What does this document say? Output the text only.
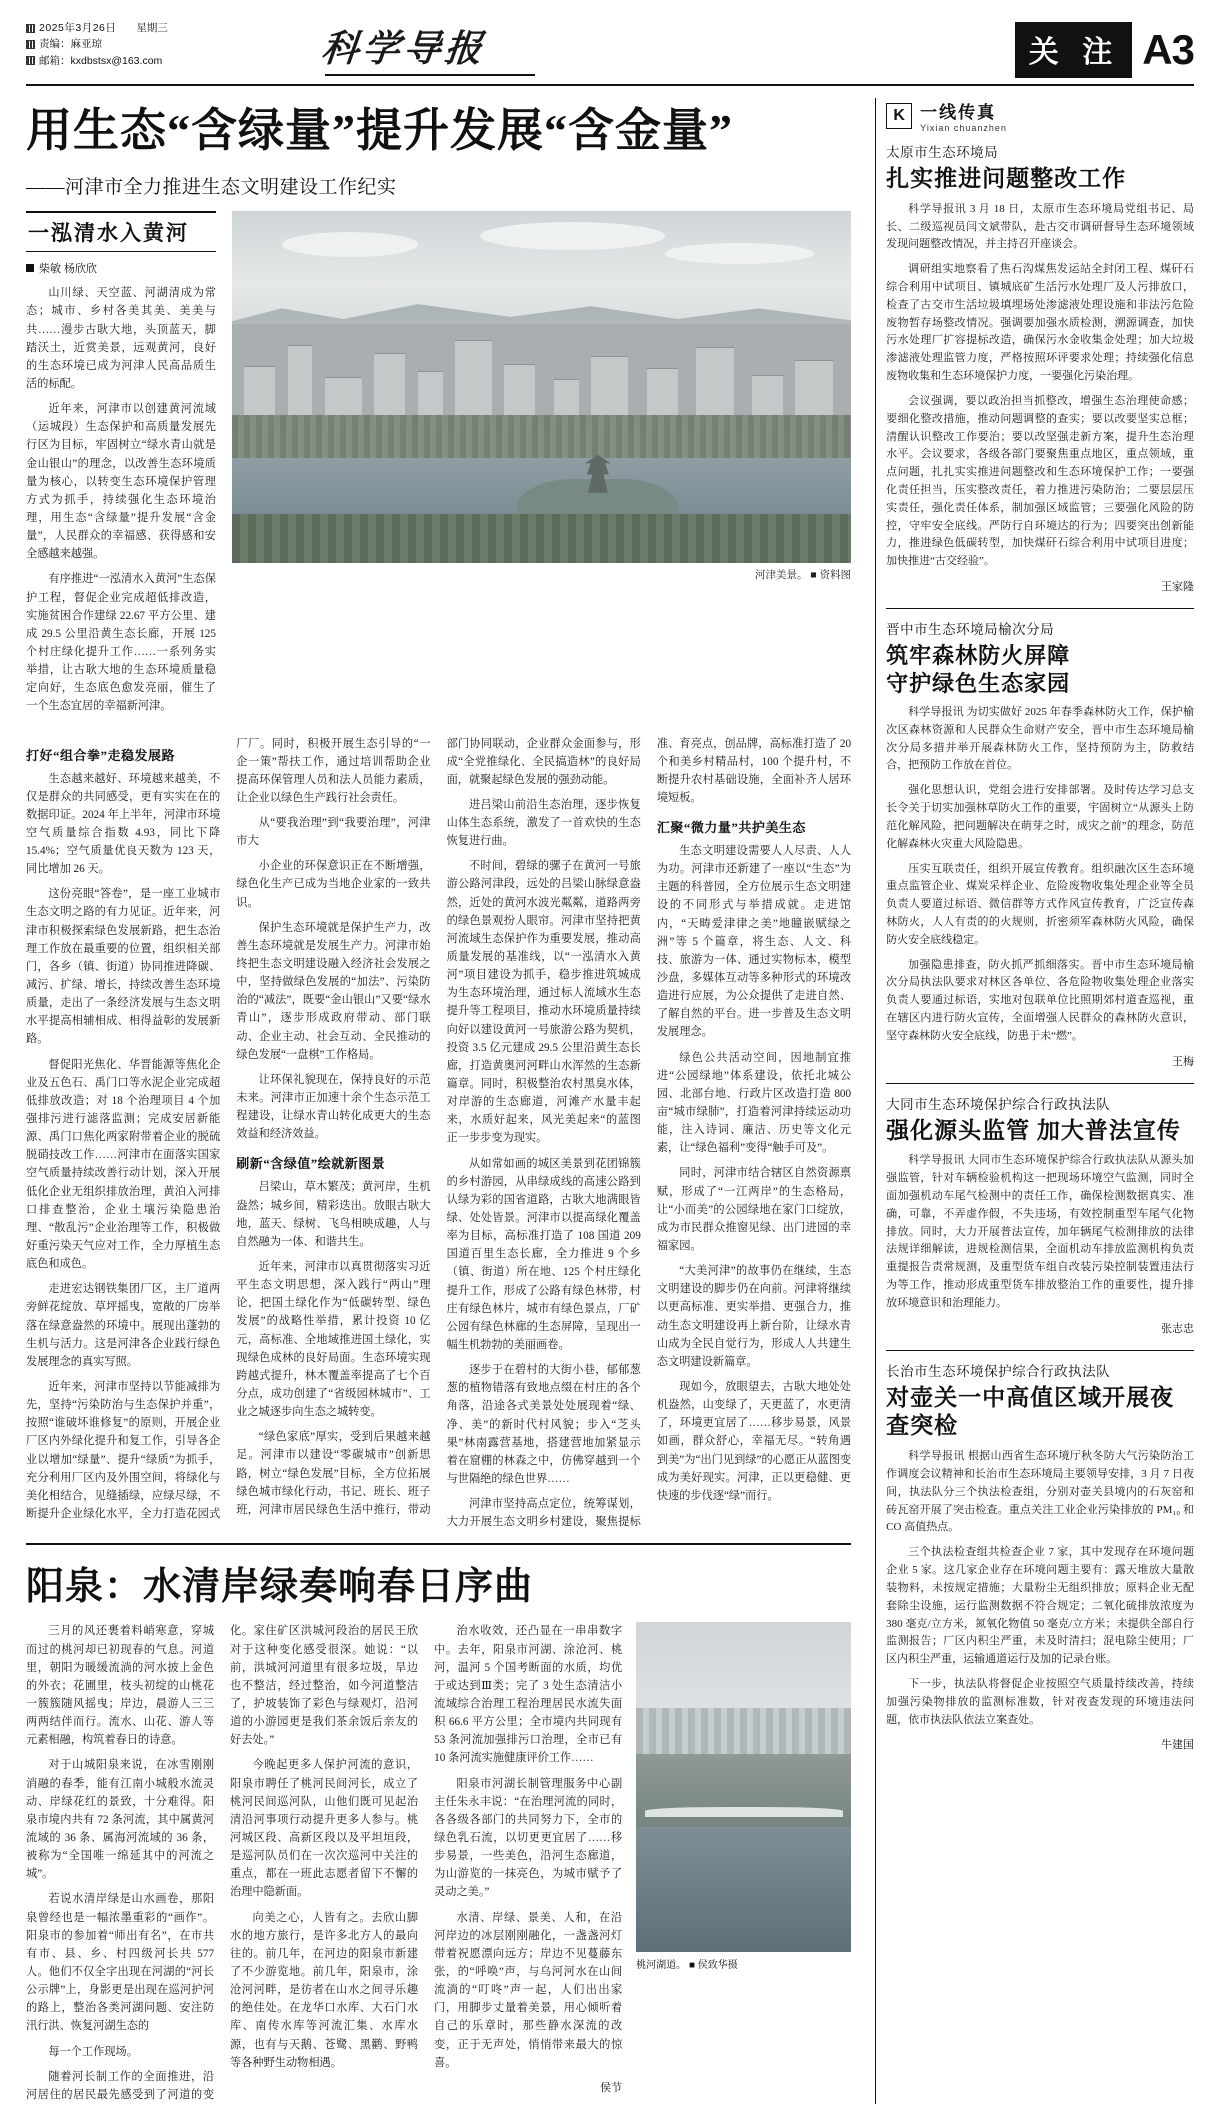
2025年3月26日 星期三
责编：麻亚琼
邮箱：kxdbstsx@163.com	科学导报	关 注 A3
用生态“含绿量”提升发展“含金量”
——河津市全力推进生态文明建设工作纪实
一泓清水入黄河
柴敏 杨欣欣

山川绿、天空蓝、河湖清成为常态；城市、乡村各美其美、美美与共……漫步古耿大地，头顶蓝天，脚踏沃土，近赏美景，远观黄河，良好的生态环境已成为河津人民高品质生活的标配。

近年来，河津市以创建黄河流域（运城段）生态保护和高质量发展先行区为目标，牢固树立“绿水青山就是金山银山”的理念，以改善生态环境质量为核心，以转变生态环境保护管理方式为抓手，持续强化生态环境治理，用生态“含绿量”提升发展“含金量”，人民群众的幸福感、获得感和安全感越来越强。

有序推进“一泓清水入黄河”生态保护工程，督促企业完成超低排改造，实施贫困合作建绿 22.67 平方公里、建成 29.5 公里沿黄生态长廊，开展 125 个村庄绿化提升工作……一系列务实举措，让古耿大地的生态环境质量稳定向好，生态底色愈发亮丽，催生了一个生态宜居的幸福新河津。

河津美景。 ■ 资料图
打好“组合拳”走稳发展路

生态越来越好、环境越来越美，不仅是群众的共同感受，更有实实在在的数据印证。2024 年上半年，河津市环境空气质量综合指数 4.93，同比下降 15.4%；空气质量优良天数为 123 天，同比增加 26 天。

这份亮眼“答卷”，是一座工业城市生态文明之路的有力见证。近年来，河津市积极探索绿色发展新路，把生态治理工作放在最重要的位置，组织相关部门，各乡（镇、街道）协同推进降碳、减污、扩绿、增长，持续改善生态环境质量，走出了一条经济发展与生态文明水平提高相辅相成、相得益彰的发展新路。

督促阳光焦化、华晋能源等焦化企业及五色石、禹门口等水泥企业完成超低排放改造；对 18 个治理项目 4 个加强排污进行滤落监测；完成安居新能源、禹门口焦化两家附带着企业的脱硫脱硝技改工作……河津市在面落实国家空气质量持续改善行动计划，深入开展低化企业无组织排放治理，黄泊入河排口排查整治，企业土壤污染隐患治理、“散乱污”企业治理等工作，积极做好重污染天气应对工作，全力厚植生态底色和成色。

走进宏达钢铁集团厂区，主厂道两旁鲜花绽放、草坪摇曳，宽敞的厂房举落在绿意盎然的环境中。展现出蓬勃的生机与活力。这是河津各企业践行绿色发展理念的真实写照。

近年来，河津市坚持以节能减排为先，坚持“污染防治与生态保护并重”，按照“谁破坏谁修复”的原则，开展企业厂区内外绿化提升和复工作，引导各企业以增加“绿量”、提升“绿质”为抓手，充分利用厂区内及外围空间，将绿化与美化相结合，见缝插绿，应绿尽绿，不断提升企业绿化水平，全力打造花园式厂厂。同时，积极开展生态引导的“一企一策”帮扶工作，通过培训帮助企业提高环保管理人员和法人员能力素质，让企业以绿色生产践行社会责任。

从“要我治理”到“我要治理”，河津市大

小企业的环保意识正在不断增强，绿色化生产已成为当地企业家的一致共识。

保护生态环境就是保护生产力，改善生态环境就是发展生产力。河津市始终把生态文明建设融入经济社会发展之中，坚持做绿色发展的“加法”、污染防治的“减法”，既要“金山银山”又要“绿水青山”，逐步形成政府带动、部门联动、企业主动、社会互动、全民推动的绿色发展“一盘棋”工作格局。

让环保礼貌现在，保持良好的示范未来。河津市正加速十余个生态示范工程建设，让绿水青山转化成更大的生态效益和经济效益。

刷新“含绿值”绘就新图景

吕梁山，草木繁茂；黄河岸，生机盎然；城乡间，精彩迭出。放眼古耿大地，蓝天、绿树、飞鸟相映成趣，人与自然融为一体、和谐共生。

近年来，河津市以真贯彻落实习近平生态文明思想，深入践行“两山”理论，把国土绿化作为“低碳转型、绿色发展”的战略性举措，累计投资 10 亿元，高标准、全地域推进国土绿化，实现绿色成林的良好局面。生态环境实现跨越式提升，林木覆盖率提高了七个百分点，成功创建了“省级园林城市”、工业之城逐步向生态之城转变。

“绿色家底”厚实，受到后果越来越足。河津市以建设“零碳城市”创新思路，树立“绿色发展”目标，全方位拓展绿色城市绿化行动，书记、班长、班子班，河津市居民绿色生活中推行，带动部门协同联动，企业群众金面参与，形成“全党推绿化、全民搞造林”的良好局面，就聚起绿色发展的强劲动能。

进吕梁山前沿生态治理，逐步恢复山体生态系统，激发了一首欢快的生态恢复进行曲。

不时间，碧绿的骡子在黄河一号旅游公路河津段，远处的吕梁山脉绿意盎然，近处的黄河水波光粼粼，道路两旁的绿色景观扮人眼帘。河津市坚持把黄河流域生态保护作为重要发展，推动高质量发展的基准线，以“一泓清水入黄河”项目建设为抓手，稳步推进筑城成为生态环境治理，通过标人流域水生态提升等工程项目，推动水环境质量持续向好以建设黄河一号旅游公路为契机，投资 3.5 亿元建成 29.5 公里沿黄生态长廊，打造黄奥河河畔山水浑然的生态新篇章。同时，积极整治农村黑臭水体，对岸游的生态廊道，河滩产水量丰起来，水质好起来，风光美起来“的蓝图正一步步变为现实。

从如常如画的城区美景到花团锦簇的乡村游园，从串绿成线的高速公路到认绿为彩的国省道路，古耿大地满眼皆绿、处处皆景。河津市以提高绿化覆盖率为目标，高标准打造了 108 国道 209 国道百里生态长廊，全力推进 9 个乡（镇、街道）所在地、125 个村庄绿化提升工作，形成了公路有绿色林带，村庄有绿色林片，城市有绿色景点，厂矿公园有绿色林廊的生态屏障，呈现出一幅生机勃勃的美丽画卷。

逐步于在碧村的大街小巷，郁郁葱葱的植物错落有致地点缀在村庄的各个角落，沿途各式美景处处展现着“绿、净、美”的新时代村风貌；步入“芝头果”林南露营基地，搭建营地加紧显示着在窟棚的林森之中，仿佛穿越到一个与世隔绝的绿色世界……

河津市坚持高点定位，统筹谋划，大力开展生态文明乡村建设，聚焦提标准、育亮点，创品牌，高标准打造了 20 个和美乡村精品村，100 个提升村，不断提升农村基础设施，全面补齐人居环境短板。

汇聚“微力量”共护美生态

生态文明建设需要人人尽责、人人为功。河津市还新建了一座以“生态”为主题的科普园，全方位展示生态文明建设的不同形式与举措成就。走进馆内，“天畴爱津律之美”地瞳嵌赋绿之洲”等 5 个篇章，将生态、人文、科技、旅游为一体、通过实物标本，模型沙盘，多媒体互动等多种形式的环境改造进行应展，为公众提供了走进自然、了解自然的平台。进一步普及生态文明发展理念。

绿色公共活动空间，因地制宜推进“公园绿地”体系建设，依托北城公园、北部台地、行政片区改造打造 800 亩“城市绿肺”，打造着河津持续运动功能，注入诗词、廉洁、历史等文化元素，让“绿色福利”变得“触手可及”。

同时，河津市结合辖区自然资源禀赋，形成了“一江两岸”的生态格局，让“小而美”的公园绿地在家门口绽放，成为市民群众推窗见绿、出门进园的幸福家园。

“大美河津”的故事仍在继续，生态文明建设的脚步仍在向前。河津将继续以更高标准、更实举措、更强合力，推动生态文明建设再上新台阶，让绿水青山成为全民自觉行为，形成人人共建生态文明建设新篇章。

现如今，放眼望去，古耿大地处处机盎然，山变绿了，天更蓝了，水更清了，环境更宜居了……移步易景，风景如画，群众舒心，幸福无尽。“转角遇到美”为“出门见到绿”的心愿正从蓝图变成为美好现实。河津，正以更稳健、更快速的步伐逐“绿”而行。

阳泉：水清岸绿奏响春日序曲

三月的风还裹着料峭寒意，穿城而过的桃河却已初现春的气息。河道里，朝阳为暖缓流淌的河水披上金色的外衣；花圃里，枝头初绽的山桃花一簇簇随风摇曳；岸边，晨游人三三两两结伴而行。流水、山花、游人等元素相融，构筑着春日的诗意。

对于山城阳泉来说，在冰雪刚刚消融的春季，能有江南小城般水流灵动、岸绿花红的景致，十分难得。阳泉市境内共有 72 条河流，其中属黄河流域的 36 条、属海河流域的 36 条，被称为“全国唯一绵延其中的河流之城”。

若说水清岸绿是山水画卷，那阳泉曾经也是一幅浓墨重彩的“画作”。阳泉市的参加着“师出有名”，在市共有市、县、乡、村四级河长共 577 人。他们不仅全字出现在河湖的“河长公示牌”上，身影更是出现在巡河护河的路上，整治各类河湖问题、安注防汛行洪、恢复河湖生态的

每一个工作现场。

随着河长制工作的全面推进，沿河居住的居民最先感受到了河道的变化。家住矿区洪城河段治的居民王欣对于这种变化感受很深。她说：“以前，洪城河河道里有很多垃圾，旱边也不整洁，经过整治，如今河道整洁了，护坡装饰了彩色与绿观灯，沿河道的小游园更是我们茶余饭后亲友的好去处。”

今晚起更多人保护河流的意识，阳泉市聘任了桃河民间河长，成立了桃河民间巡河队，山他们既可见起治清沿河事项行动提升更多人参与。桃河城区段、高新区段以及平坦垣段，是巡河队员们在一次次巡河中关注的重点，都在一班此志愿者留下不懈的治理中隐新面。

向美之心，人皆有之。去欣山脚水的地方旅行，是许多北方人的最向往的。前几年，在河边的阳泉市新建了不少游览地。前几年，阳泉市，涂沧河河畔，是彷者在山水之间寻乐趣的绝佳处。在龙华口水库、大石门水库、南传水库等河流汇集、水库水源，也有与天鹅、苍鹭、黑鹳、野鸭等各种野生动物相遇。

治水收效，还凸显在一串串数字中。去年，阳泉市河湖、涂沧河、桃河，温河 5 个国考断面的水质，均优于或达到Ⅲ类；完了 3 处生态清洁小流域综合治理工程治理居民水流失面积 66.6 平方公里；全市境内共同现有 53 条河流加强排污口治理，全市已有 10 条河流实施健康评价工作……

阳泉市河湖长制管理服务中心副主任朱永丰说：“在治理河流的同时，各各级各部门的共同努力下，全市的绿色乳石流，以切更更宜居了……移步易景，一些美色，沿河生态廊道，为山游览的一抹亮色，为城市赋予了灵动之美。”

水清、岸绿、景美、人和，在沿河岸边的冰层刚刚融化，一盏盏河灯带着祝愿漂向远方；岸边不见蔓藤东张，的“呼唤”声，与乌河河水在山间流淌的“叮咚”声一起，人们出出家门，用脚步丈量着美景，用心倾听着自己的乐章时，那些静水深流的改变，正于无声处，悄悄带来最大的惊喜。

侯节
桃河湖道。 ■ 侯致华摄
K 一线传真
Yixian chuanzhen
太原市生态环境局
扎实推进问题整改工作

科学导报讯 3 月 18 日，太原市生态环境局党组书记、局长、二级巡视员闫文斌带队，赴古交市调研督导生态环境领域发现问题整改情况，并主持召开座谈会。

调研组实地察看了焦石沟煤焦发运站全封闭工程、煤矸石综合利用中试项目、镇城底矿生活污水处理厂及人污排放口，检查了古交市生活垃圾填埋场处渗滤液处理设施和非法污危险废物暂存场整改情况。强调要加强水质检测，溯源调查，加快污水处理厂扩容提标改造，确保污水金收集金处理；加大垃圾渗滤液处理监管力度，严格按照环评要求处理；持续强化信息废物收集和生态环境保护力度，一要强化污染治理。

会议强调，要以政治担当抓整改，增强生态治理使命感；要细化整改措施，推动问题调整的查实；要以改要坚实总框；清醒认识整改工作要治；要以改坚强走新方案，提升生态治理水平。会议要求，各级各部门要聚焦重点地区，重点领域，重点问题，扎扎实实推进问题整改和生态环境保护工作；一要强化责任担当，压实整改责任，着力推进污染防治；二要层层压实责任，强化责任体系，制加强区域监管；三要强化风险的防控，守牢安全底线。严防行自环境达的行为；四要突出创新能力，推进绿色低碳转型，加快煤矸石综合利用中试项目进度；加快推进“古交经验”。

王家隆
晋中市生态环境局榆次分局
筑牢森林防火屏障
守护绿色生态家园

科学导报讯 为切实做好 2025 年春季森林防火工作，保护榆次区森林资源和人民群众生命财产安全，晋中市生态环境局榆次分局多措并举开展森林防火工作，坚持预防为主，防救结合，把预防工作放在首位。

强化思想认识，党组会进行安排部署。及时传达学习总支长令关于切实加强林草防火工作的重要，宇固树立“从源头上防范化解风险，把问题解决在萌芽之时，成灾之前”的理念，防范化解森林火灾重大风险隐患。

压实互联责任，组织开展宣传教育。组织融次区生态环境重点监管企业、煤炭采样企业、危险废物收集处理企业等全员负责人要道过标语、微信群等方式作风宣传教育，广泛宣传森林防火，人人有责的的火规则，折密须军森林防火风险，确保防火安全底线稳定。

加强隐患排查，防火抓严抓细落实。晋中市生态环境局榆次分局执法队要求对林区各单位、各危险物收集处理企业落实负责人要通过标语，实地对包联单位比照期郊村道查巡视，重在辖区内进行防火宣传，全面增强人民群众的森林防火意识，坚守森林防火安全底线，防患于未“燃”。

王梅
大同市生态环境保护综合行政执法队
强化源头监管 加大普法宣传

科学导报讯 大同市生态环境保护综合行政执法队从源头加强监管，针对车辆检验机构这一把现场环境空气监测，同时全面加强机动车尾气检测中的责任工作，确保检测数据真实、准确，可靠，不弄虚作假，不失违场，有效控制重型车尾气化物排放。同时，大力开展普法宣传，加年辆尾气检测排放的法律法规详细解读，进规检测信果，全面机动车排放监测机构负责重提报告责常规测，及重型货车组自改装污染控制装置违法行为等工作，推动形成重型货车排放整治工作的重要性，提升排放环境意识和治理能力。

张志忠
长治市生态环境保护综合行政执法队
对壶关一中高值区域开展夜查突检

科学导报讯 根据山西省生态环境厅秋冬防大气污染防治工作调度会议精神和长治市生态环境局主要领导安排，3 月 7 日夜间，执法队分三个执法检查组，分别对壶关县境内的石灰窑和砖瓦窑开展了突击检查。重点关注工业企业污染排放的 PM₁₀ 和 CO 高值热点。

三个执法检查组共检查企业 7 家，其中发现存在环境问题企业 5 家。这几家企业存在环境问题主要有：露天堆放大量散装物料，未按规定措施；大量粉尘无组织排放；原料企业无配套除尘设施，运行监测数据不符合规定；二氧化硫排放浓度为 380 毫克/立方米，氮氧化物值 50 毫克/立方米；未提供全部自行监测报告；厂区内积尘严重，未及时清扫；混电除尘使用；厂区内积尘严重，运输通道运行及加的记录台账。

下一步，执法队将督促企业按照空气质量持续改善，持续加强污染物排放的监测标准数，针对夜查发现的环境违法问题，依市执法队依法立案查处。

牛建国
